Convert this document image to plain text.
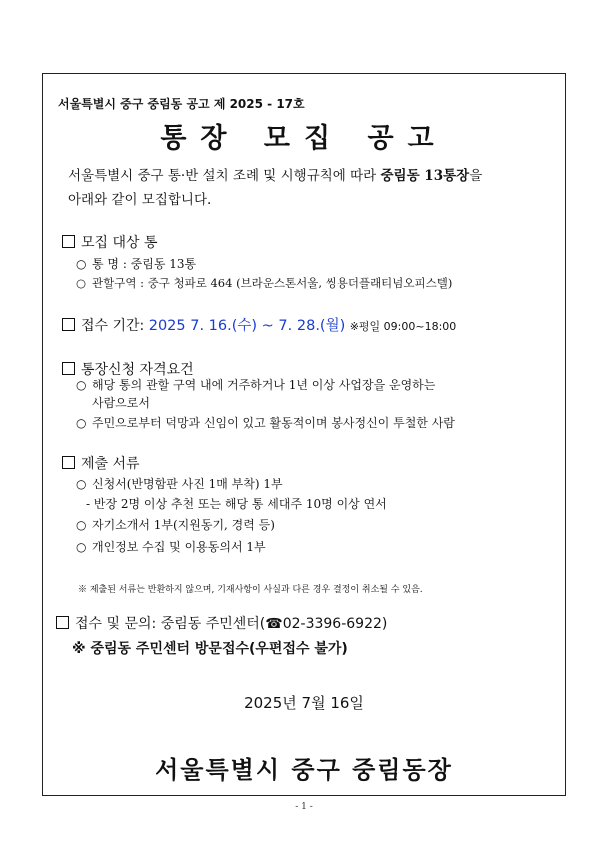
서울특별시 중구 중림동 공고 제 2025 - 17호
통장 모집 공고
서울특별시 중구 통·반 설치 조례 및 시행규칙에 따라 중림동 13통장을
아래와 같이 모집합니다.
모집 대상 통
○ 통 명 : 중림동 13통
○ 관할구역 : 중구 청파로 464 (브라운스톤서울, 씽용더플래티넘오피스텔)
접수 기간: 2025 7. 16.(수) ~ 7. 28.(월) ※평일 09:00~18:00
통장신청 자격요건
○ 해당 통의 관할 구역 내에 거주하거나 1년 이상 사업장을 운영하는
사람으로서
○ 주민으로부터 덕망과 신임이 있고 활동적이며 봉사정신이 투철한 사람
제출 서류
○ 신청서(반명함판 사진 1매 부착) 1부
- 반장 2명 이상 추천 또는 해당 통 세대주 10명 이상 연서
○ 자기소개서 1부(지원동기, 경력 등)
○ 개인정보 수집 및 이용동의서 1부
※ 제출된 서류는 반환하지 않으며, 기재사항이 사실과 다른 경우 결정이 취소될 수 있음.
접수 및 문의: 중림동 주민센터(☎02-3396-6922)
※ 중림동 주민센터 방문접수(우편접수 불가)
2025년 7월 16일
서울특별시 중구 중림동장
- 1 -
